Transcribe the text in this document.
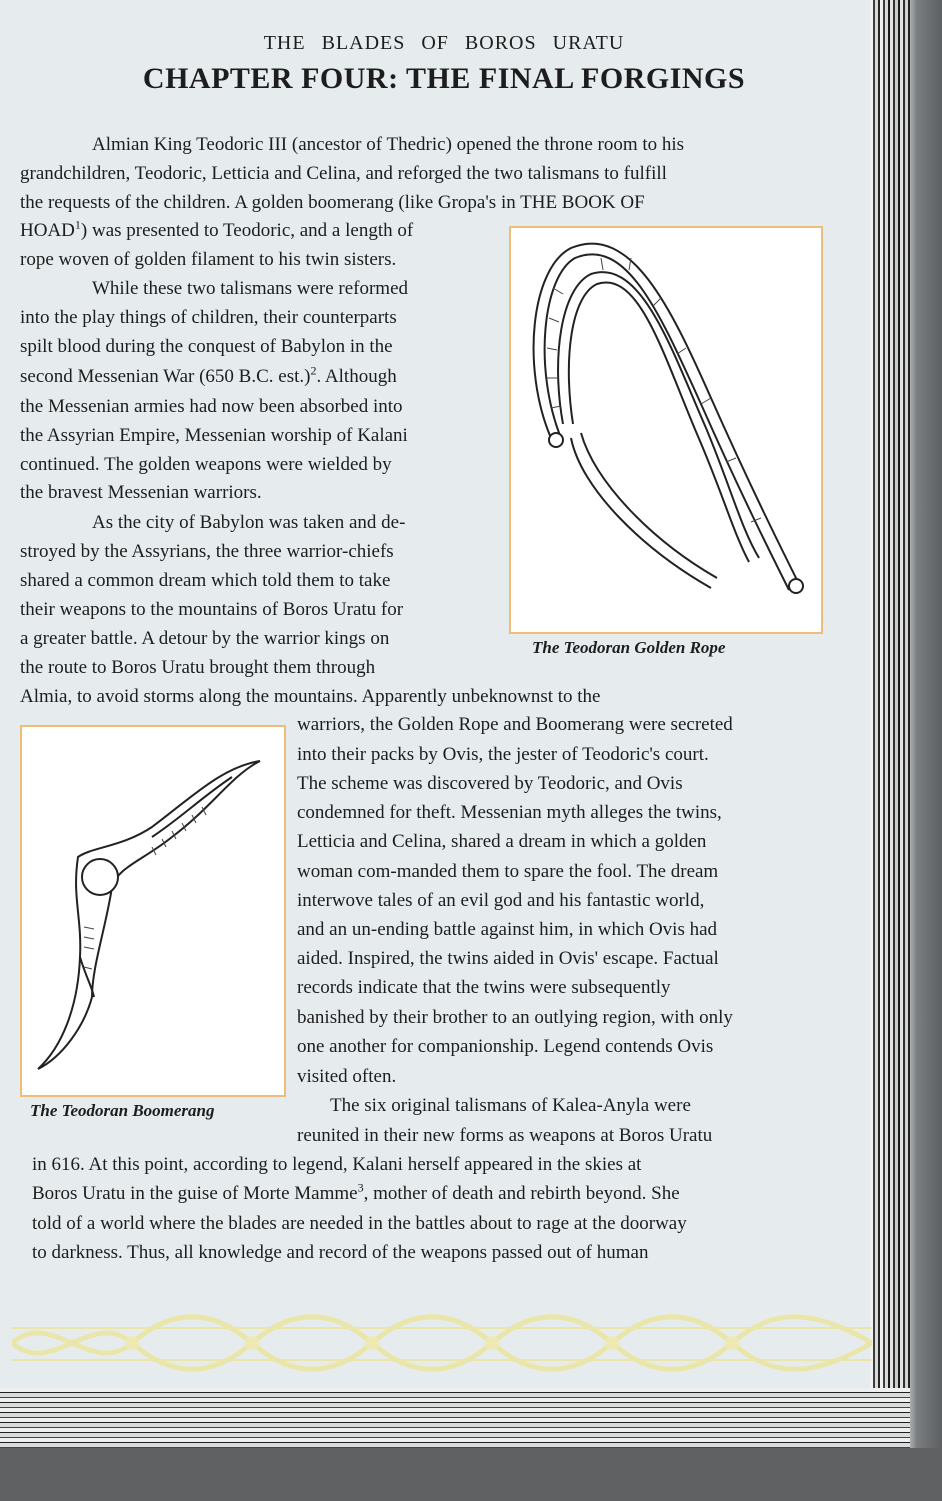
THE BLADES OF BOROS URATU
CHAPTER FOUR: THE FINAL FORGINGS
Almian King Teodoric III (ancestor of Thedric) opened the throne room to his
grandchildren, Teodoric, Letticia and Celina, and reforged the two talismans to fulfill
the requests of the children. A golden boomerang (like Gropa's in THE BOOK OF
HOAD$^1$) was presented to Teodoric, and a length of
rope woven of golden filament to his twin sisters.
While these two talismans were reformed
into the play things of children, their counterparts
spilt blood during the conquest of Babylon in the
second Messenian War (650 B.C. est.)$^2$. Although
the Messenian armies had now been absorbed into
the Assyrian Empire, Messenian worship of Kalani
continued. The golden weapons were wielded by
the bravest Messenian warriors.
As the city of Babylon was taken and de-
stroyed by the Assyrians, the three warrior-chiefs
shared a common dream which told them to take
their weapons to the mountains of Boros Uratu for
a greater battle. A detour by the warrior kings on
the route to Boros Uratu brought them through
Almia, to avoid storms along the mountains. Apparently unbeknownst to the
warriors, the Golden Rope and Boomerang were secreted
into their packs by Ovis, the jester of Teodoric's court.
The scheme was discovered by Teodoric, and Ovis
condemned for theft. Messenian myth alleges the twins,
Letticia and Celina, shared a dream in which a golden
woman com-manded them to spare the fool. The dream
interwove tales of an evil god and his fantastic world,
and an un-ending battle against him, in which Ovis had
aided. Inspired, the twins aided in Ovis' escape. Factual
records indicate that the twins were subsequently
banished by their brother to an outlying region, with only
one another for companionship. Legend contends Ovis
visited often.
The six original talismans of Kalea-Anyla were
reunited in their new forms as weapons at Boros Uratu
in 616. At this point, according to legend, Kalani herself appeared in the skies at
Boros Uratu in the guise of Morte Mamme$^3$, mother of death and rebirth beyond. She
told of a world where the blades are needed in the battles about to rage at the doorway
to darkness. Thus, all knowledge and record of the weapons passed out of human
The Teodoran Golden Rope
The Teodoran Boomerang
